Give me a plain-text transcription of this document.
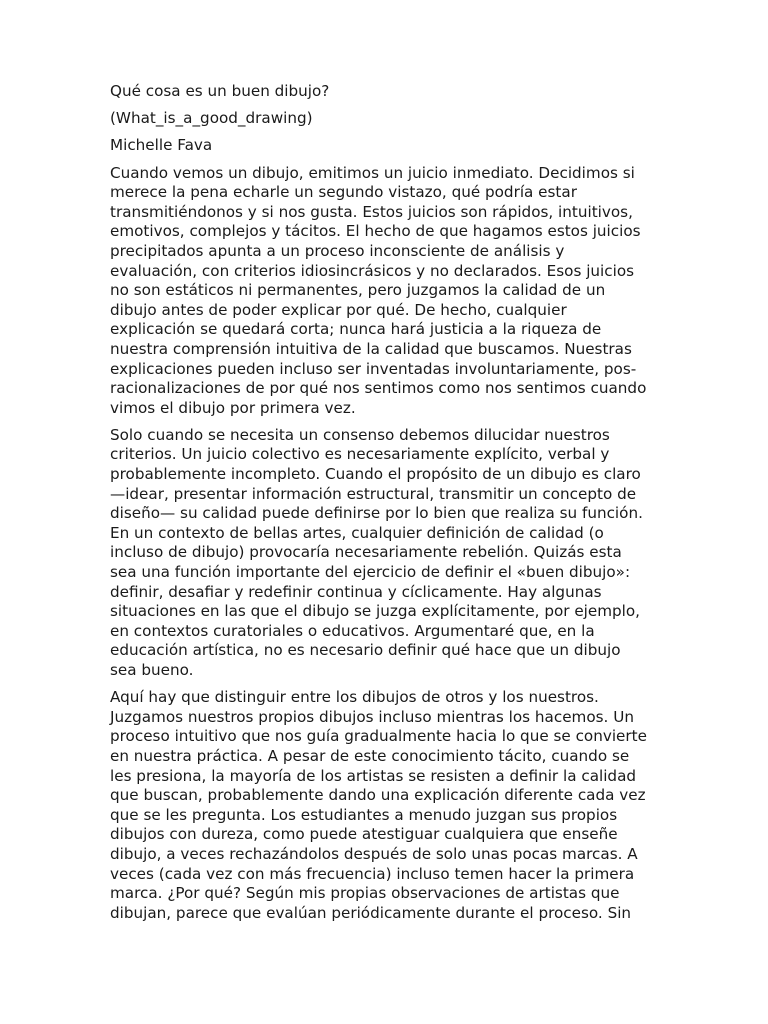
Qué cosa es un buen dibujo?
(What_is_a_good_drawing)
Michelle Fava
Cuando vemos un dibujo, emitimos un juicio inmediato. Decidimos si
merece la pena echarle un segundo vistazo, qué podría estar
transmitiéndonos y si nos gusta. Estos juicios son rápidos, intuitivos,
emotivos, complejos y tácitos. El hecho de que hagamos estos juicios
precipitados apunta a un proceso inconsciente de análisis y
evaluación, con criterios idiosincrásicos y no declarados. Esos juicios
no son estáticos ni permanentes, pero juzgamos la calidad de un
dibujo antes de poder explicar por qué. De hecho, cualquier
explicación se quedará corta; nunca hará justicia a la riqueza de
nuestra comprensión intuitiva de la calidad que buscamos. Nuestras
explicaciones pueden incluso ser inventadas involuntariamente, pos-
racionalizaciones de por qué nos sentimos como nos sentimos cuando
vimos el dibujo por primera vez.
Solo cuando se necesita un consenso debemos dilucidar nuestros
criterios. Un juicio colectivo es necesariamente explícito, verbal y
probablemente incompleto. Cuando el propósito de un dibujo es claro
—idear, presentar información estructural, transmitir un concepto de
diseño— su calidad puede definirse por lo bien que realiza su función.
En un contexto de bellas artes, cualquier definición de calidad (o
incluso de dibujo) provocaría necesariamente rebelión. Quizás esta
sea una función importante del ejercicio de definir el «buen dibujo»:
definir, desafiar y redefinir continua y cíclicamente. Hay algunas
situaciones en las que el dibujo se juzga explícitamente, por ejemplo,
en contextos curatoriales o educativos. Argumentaré que, en la
educación artística, no es necesario definir qué hace que un dibujo
sea bueno.
Aquí hay que distinguir entre los dibujos de otros y los nuestros.
Juzgamos nuestros propios dibujos incluso mientras los hacemos. Un
proceso intuitivo que nos guía gradualmente hacia lo que se convierte
en nuestra práctica. A pesar de este conocimiento tácito, cuando se
les presiona, la mayoría de los artistas se resisten a definir la calidad
que buscan, probablemente dando una explicación diferente cada vez
que se les pregunta. Los estudiantes a menudo juzgan sus propios
dibujos con dureza, como puede atestiguar cualquiera que enseñe
dibujo, a veces rechazándolos después de solo unas pocas marcas. A
veces (cada vez con más frecuencia) incluso temen hacer la primera
marca. ¿Por qué? Según mis propias observaciones de artistas que
dibujan, parece que evalúan periódicamente durante el proceso. Sin
